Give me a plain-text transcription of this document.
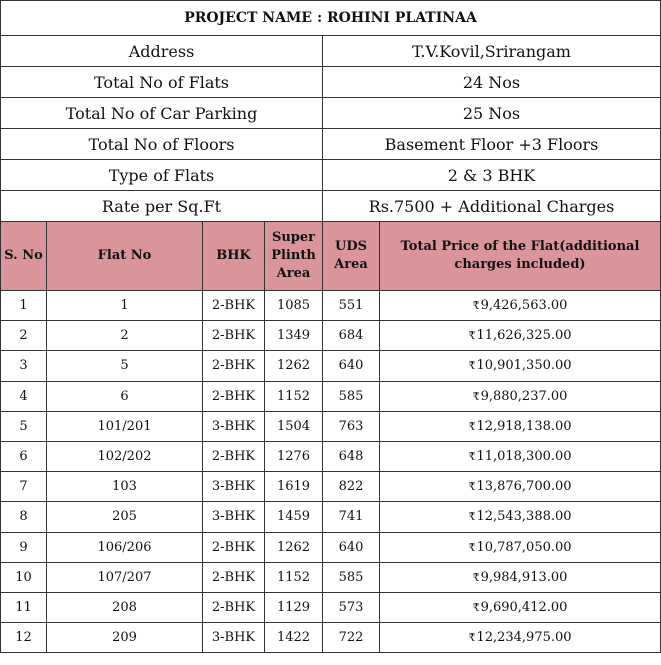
PROJECT NAME : ROHINI PLATINAA					
Address				T.V.Kovil,Srirangam	
Total No of Flats				24 Nos	
Total No of Car Parking				25 Nos	
Total No of Floors				Basement Floor +3 Floors	
Type of Flats				2 & 3 BHK	
Rate per Sq.Ft				Rs.7500 + Additional Charges	
S. No	Flat No	BHK	Super Plinth Area	UDS Area	Total Price of the Flat(additional charges included)
1	1	2-BHK	1085	551	₹9,426,563.00
2	2	2-BHK	1349	684	₹11,626,325.00
3	5	2-BHK	1262	640	₹10,901,350.00
4	6	2-BHK	1152	585	₹9,880,237.00
5	101/201	3-BHK	1504	763	₹12,918,138.00
6	102/202	2-BHK	1276	648	₹11,018,300.00
7	103	3-BHK	1619	822	₹13,876,700.00
8	205	3-BHK	1459	741	₹12,543,388.00
9	106/206	2-BHK	1262	640	₹10,787,050.00
10	107/207	2-BHK	1152	585	₹9,984,913.00
11	208	2-BHK	1129	573	₹9,690,412.00
12	209	3-BHK	1422	722	₹12,234,975.00
